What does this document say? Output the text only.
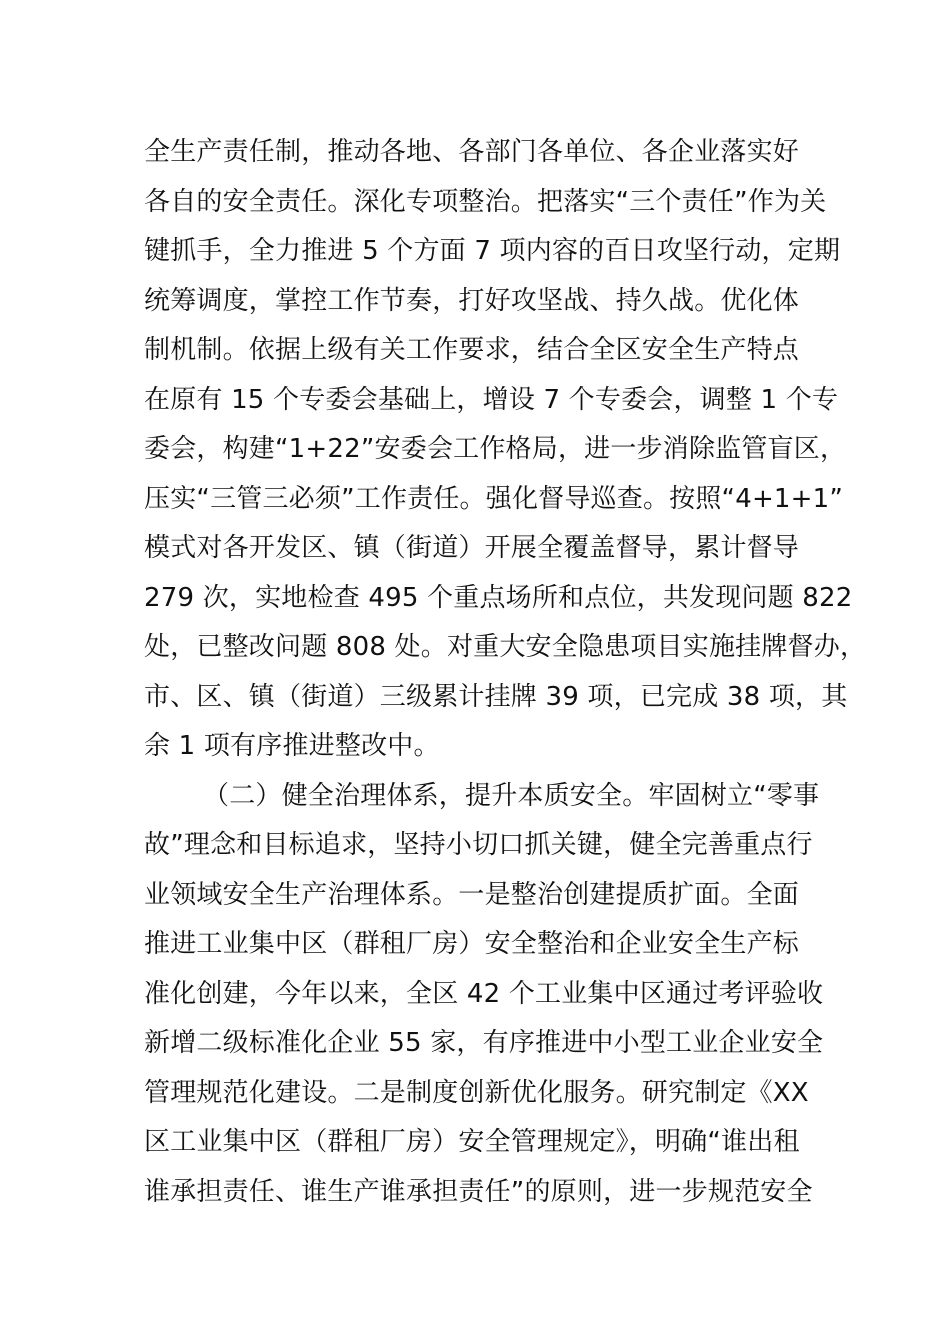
全生产责任制，推动各地、各部门各单位、各企业落实好
各自的安全责任。深化专项整治。把落实“三个责任”作为关
键抓手，全力推进 5 个方面 7 项内容的百日攻坚行动，定期
统筹调度，掌控工作节奏，打好攻坚战、持久战。优化体
制机制。依据上级有关工作要求，结合全区安全生产特点
在原有 15 个专委会基础上，增设 7 个专委会，调整 1 个专
委会，构建“1+22”安委会工作格局，进一步消除监管盲区，
压实“三管三必须”工作责任。强化督导巡查。按照“4+1+1”
模式对各开发区、镇（街道）开展全覆盖督导，累计督导
279 次，实地检查 495 个重点场所和点位，共发现问题 822
处，已整改问题 808 处。对重大安全隐患项目实施挂牌督办，
市、区、镇（街道）三级累计挂牌 39 项，已完成 38 项，其
余 1 项有序推进整改中。
（二）健全治理体系，提升本质安全。牢固树立“零事
故”理念和目标追求，坚持小切口抓关键，健全完善重点行
业领域安全生产治理体系。一是整治创建提质扩面。全面
推进工业集中区（群租厂房）安全整治和企业安全生产标
准化创建，今年以来，全区 42 个工业集中区通过考评验收
新增二级标准化企业 55 家，有序推进中小型工业企业安全
管理规范化建设。二是制度创新优化服务。研究制定《XX
区工业集中区（群租厂房）安全管理规定》，明确“谁出租
谁承担责任、谁生产谁承担责任”的原则，进一步规范安全
